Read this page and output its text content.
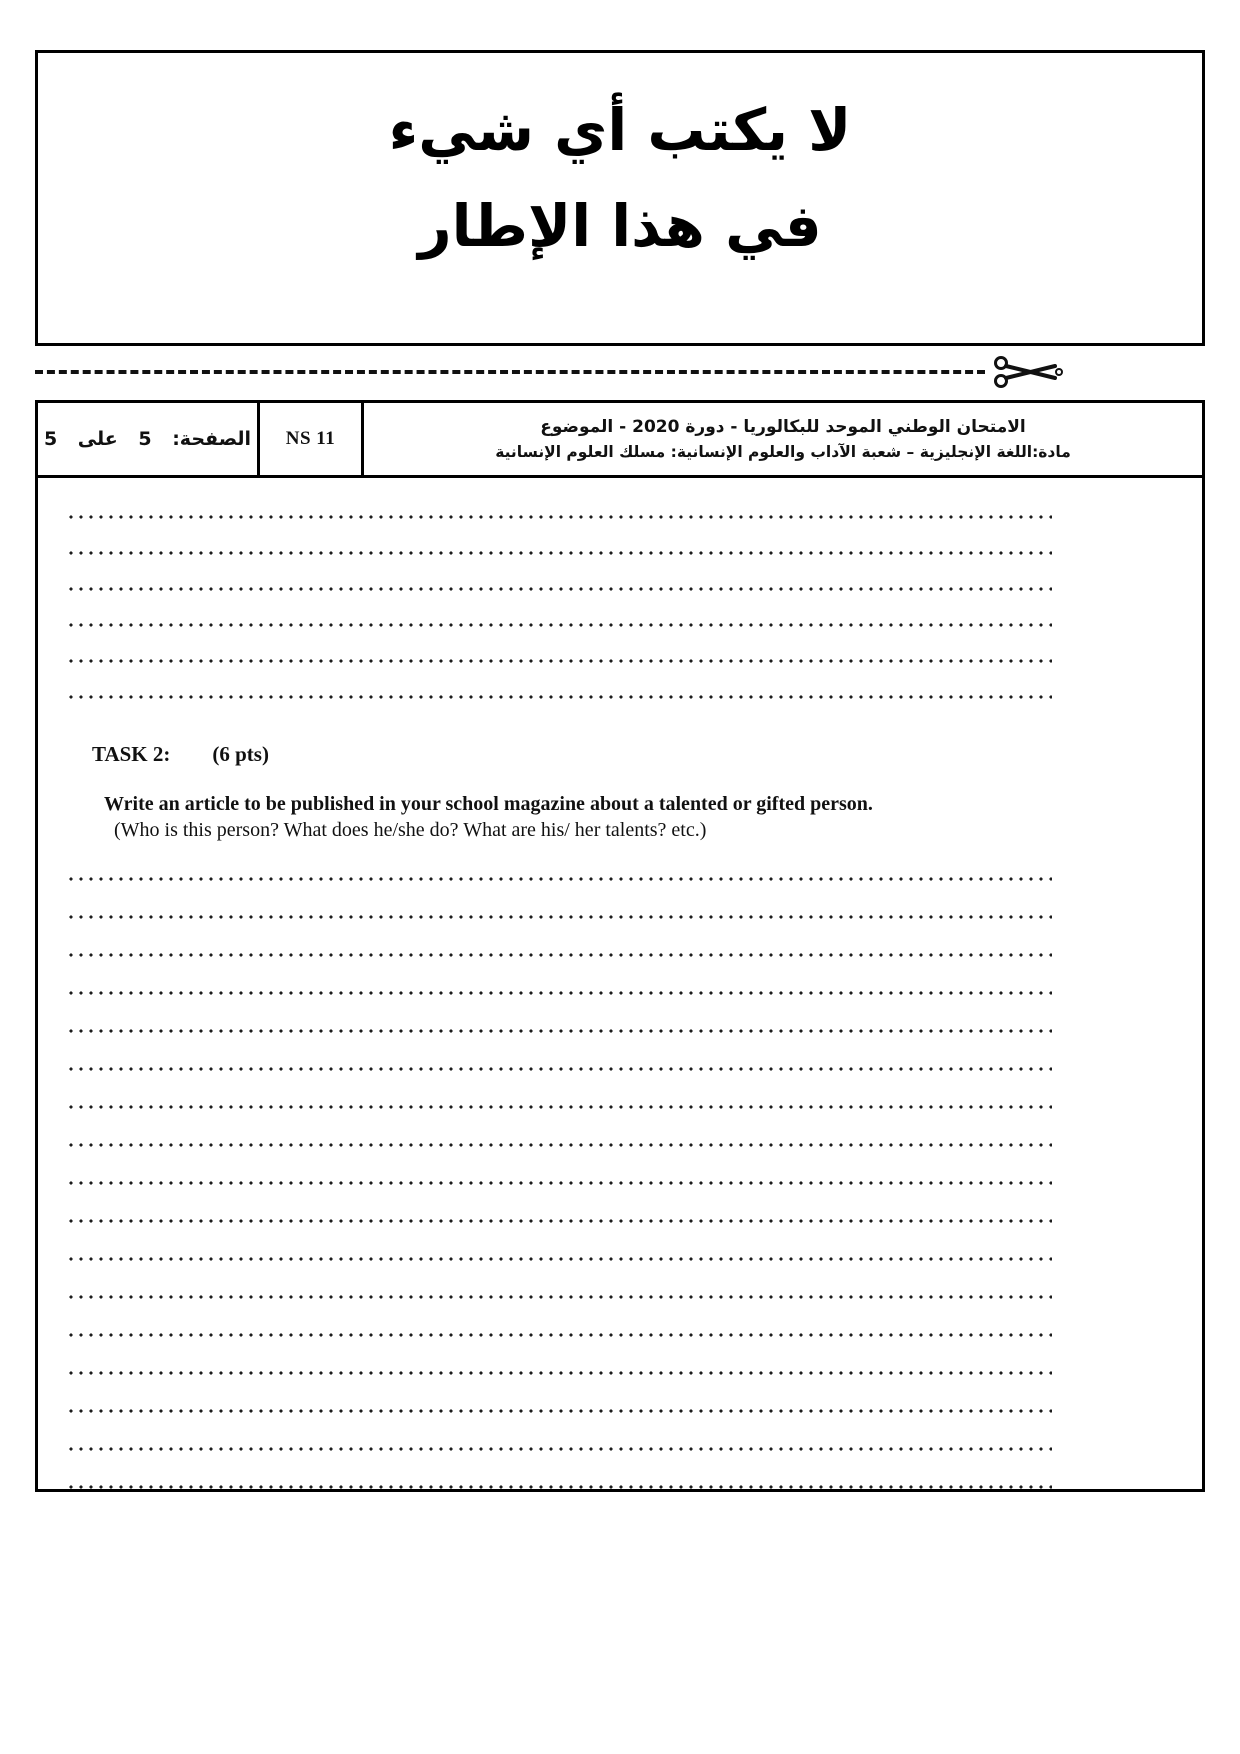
لا يكتب أي شيء
في هذا الإطار
الصفحة: 5 على 5	NS 11
الامتحان الوطني الموحد للبكالوريا - دورة 2020 - الموضوع
مادة:اللغة الإنجليزية – شعبة الآداب والعلوم الإنسانية: مسلك العلوم الإنسانية
TASK 2: (6 pts)
Write an article to be published in your school magazine about a talented or gifted person.
(Who is this person? What does he/she do? What are his/ her talents? etc.)
